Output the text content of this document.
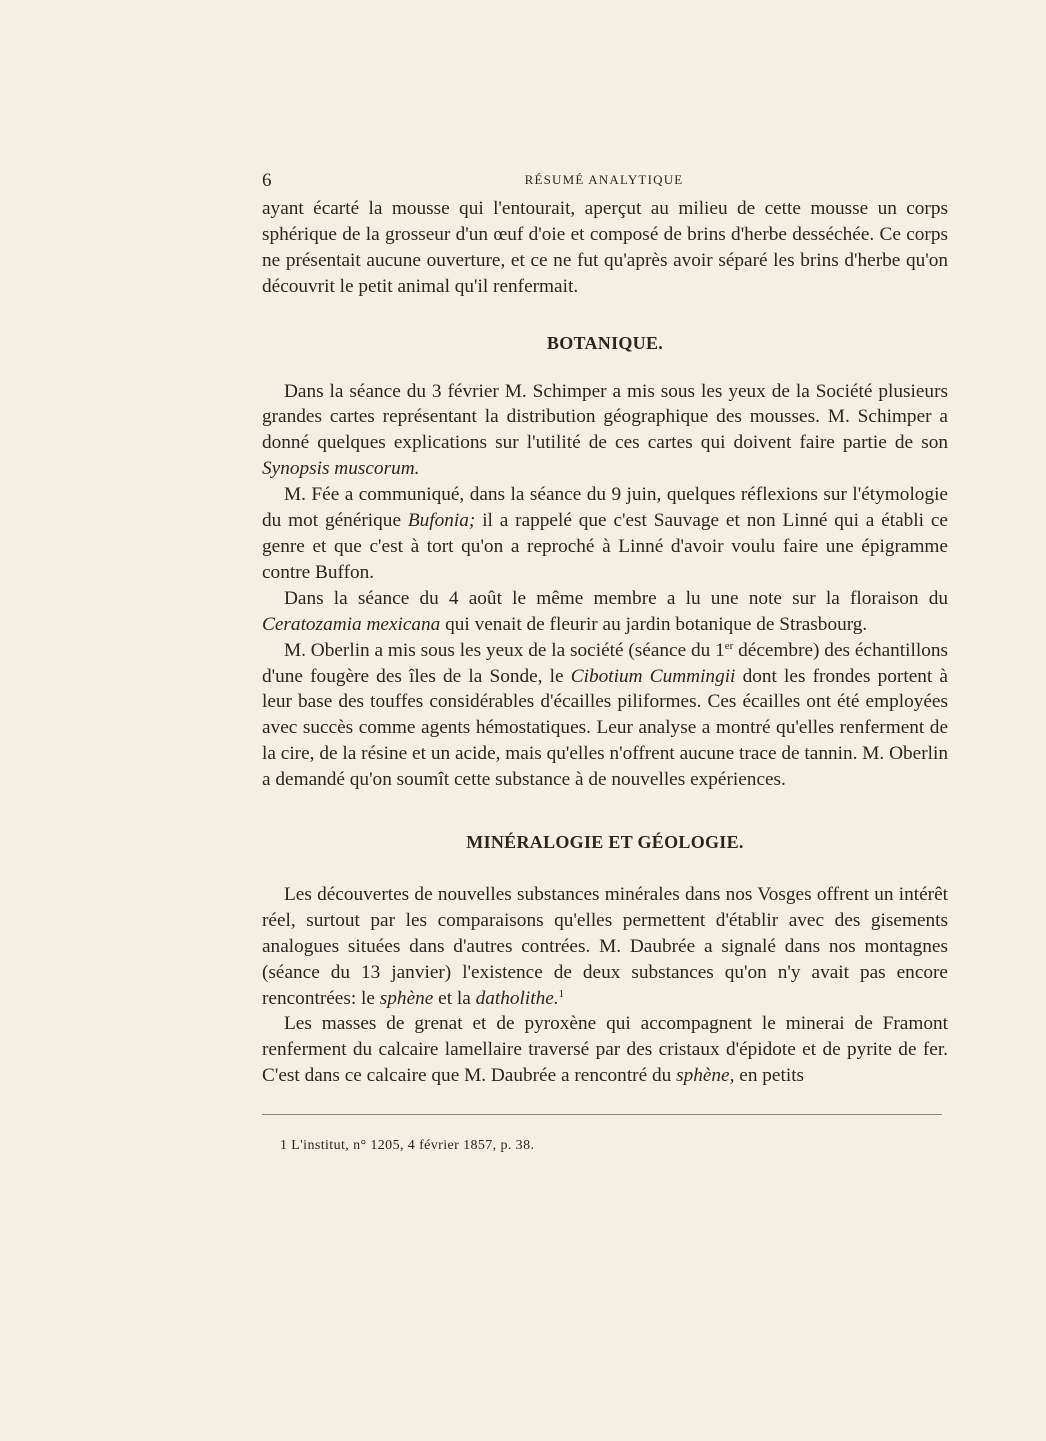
6	RÉSUMÉ ANALYTIQUE

ayant écarté la mousse qui l'entourait, aperçut au milieu de cette mousse un corps sphérique de la grosseur d'un œuf d'oie et composé de brins d'herbe desséchée. Ce corps ne présentait aucune ouverture, et ce ne fut qu'après avoir séparé les brins d'herbe qu'on découvrit le petit animal qu'il renfermait.

BOTANIQUE.

Dans la séance du 3 février M. Schimper a mis sous les yeux de la Société plusieurs grandes cartes représentant la distribution géographique des mousses. M. Schimper a donné quelques explications sur l'utilité de ces cartes qui doivent faire partie de son Synopsis muscorum.

M. Fée a communiqué, dans la séance du 9 juin, quelques réflexions sur l'étymologie du mot générique Bufonia; il a rappelé que c'est Sauvage et non Linné qui a établi ce genre et que c'est à tort qu'on a reproché à Linné d'avoir voulu faire une épigramme contre Buffon.

Dans la séance du 4 août le même membre a lu une note sur la floraison du Ceratozamia mexicana qui venait de fleurir au jardin botanique de Strasbourg.

M. Oberlin a mis sous les yeux de la société (séance du 1er décembre) des échantillons d'une fougère des îles de la Sonde, le Cibotium Cummingii dont les frondes portent à leur base des touffes considérables d'écailles piliformes. Ces écailles ont été employées avec succès comme agents hémostatiques. Leur analyse a montré qu'elles renferment de la cire, de la résine et un acide, mais qu'elles n'offrent aucune trace de tannin. M. Oberlin a demandé qu'on soumît cette substance à de nouvelles expériences.

MINÉRALOGIE ET GÉOLOGIE.

Les découvertes de nouvelles substances minérales dans nos Vosges offrent un intérêt réel, surtout par les comparaisons qu'elles permettent d'établir avec des gisements analogues situées dans d'autres contrées. M. Daubrée a signalé dans nos montagnes (séance du 13 janvier) l'existence de deux substances qu'on n'y avait pas encore rencontrées: le sphène et la datholithe.$^1$

Les masses de grenat et de pyroxène qui accompagnent le minerai de Framont renferment du calcaire lamellaire traversé par des cristaux d'épidote et de pyrite de fer. C'est dans ce calcaire que M. Daubrée a rencontré du sphène, en petits

1 L'institut, n° 1205, 4 février 1857, p. 38.
